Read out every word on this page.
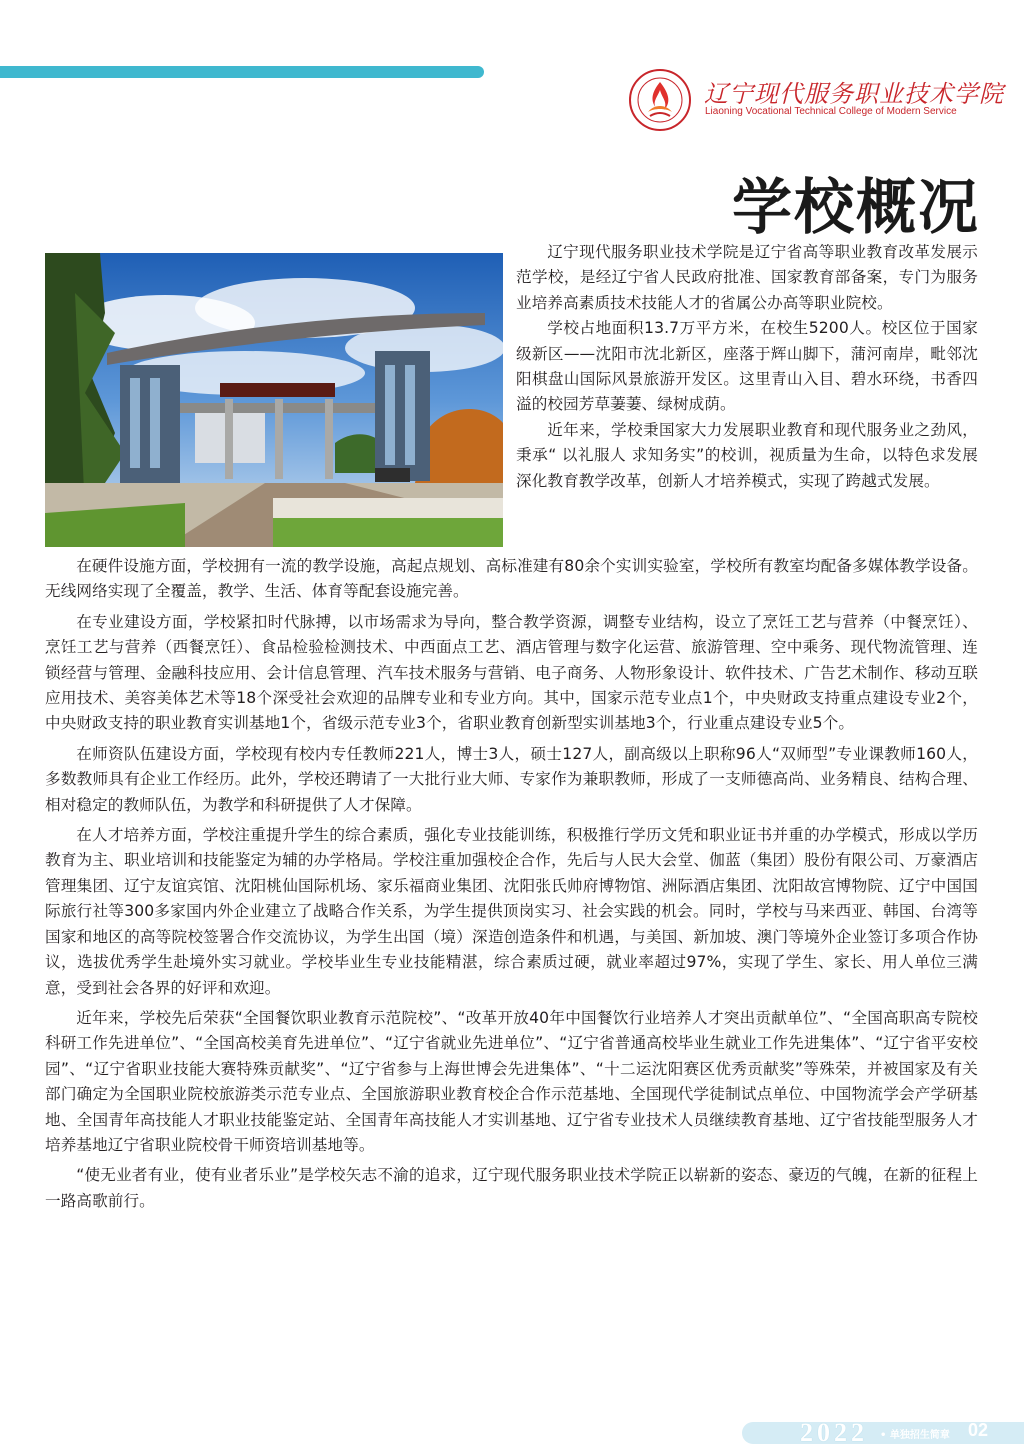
辽宁现代服务职业技术学院
Liaoning Vocational Technical College of Modern Service
学校概况

辽宁现代服务职业技术学院是辽宁省高等职业教育改革发展示范学校，是经辽宁省人民政府批准、国家教育部备案，专门为服务业培养高素质技术技能人才的省属公办高等职业院校。

学校占地面积13.7万平方米，在校生5200人。校区位于国家级新区——沈阳市沈北新区，座落于辉山脚下，蒲河南岸，毗邻沈阳棋盘山国际风景旅游开发区。这里青山入目、碧水环绕，书香四溢的校园芳草萋萋、绿树成荫。

近年来，学校秉国家大力发展职业教育和现代服务业之劲风，秉承“ 以礼服人 求知务实”的校训，视质量为生命，以特色求发展深化教育教学改革，创新人才培养模式，实现了跨越式发展。

在硬件设施方面，学校拥有一流的教学设施，高起点规划、高标准建有80余个实训实验室，学校所有教室均配备多媒体教学设备。无线网络实现了全覆盖，教学、生活、体育等配套设施完善。

在专业建设方面，学校紧扣时代脉搏，以市场需求为导向，整合教学资源，调整专业结构，设立了烹饪工艺与营养（中餐烹饪）、烹饪工艺与营养（西餐烹饪）、食品检验检测技术、中西面点工艺、酒店管理与数字化运营、旅游管理、空中乘务、现代物流管理、连锁经营与管理、金融科技应用、会计信息管理、汽车技术服务与营销、电子商务、人物形象设计、软件技术、广告艺术制作、移动互联应用技术、美容美体艺术等18个深受社会欢迎的品牌专业和专业方向。其中，国家示范专业点1个，中央财政支持重点建设专业2个，中央财政支持的职业教育实训基地1个，省级示范专业3个，省职业教育创新型实训基地3个，行业重点建设专业5个。

在师资队伍建设方面，学校现有校内专任教师221人，博士3人，硕士127人，副高级以上职称96人“双师型”专业课教师160人，多数教师具有企业工作经历。此外，学校还聘请了一大批行业大师、专家作为兼职教师，形成了一支师德高尚、业务精良、结构合理、相对稳定的教师队伍，为教学和科研提供了人才保障。

在人才培养方面，学校注重提升学生的综合素质，强化专业技能训练，积极推行学历文凭和职业证书并重的办学模式，形成以学历教育为主、职业培训和技能鉴定为辅的办学格局。学校注重加强校企合作，先后与人民大会堂、伽蓝（集团）股份有限公司、万豪酒店管理集团、辽宁友谊宾馆、沈阳桃仙国际机场、家乐福商业集团、沈阳张氏帅府博物馆、洲际酒店集团、沈阳故宫博物院、辽宁中国国际旅行社等300多家国内外企业建立了战略合作关系，为学生提供顶岗实习、社会实践的机会。同时，学校与马来西亚、韩国、台湾等国家和地区的高等院校签署合作交流协议，为学生出国（境）深造创造条件和机遇，与美国、新加坡、澳门等境外企业签订多项合作协议，选拔优秀学生赴境外实习就业。学校毕业生专业技能精湛，综合素质过硬，就业率超过97%，实现了学生、家长、用人单位三满意，受到社会各界的好评和欢迎。

近年来，学校先后荣获“全国餐饮职业教育示范院校”、“改革开放40年中国餐饮行业培养人才突出贡献单位”、“全国高职高专院校科研工作先进单位”、“全国高校美育先进单位”、“辽宁省就业先进单位”、“辽宁省普通高校毕业生就业工作先进集体”、“辽宁省平安校园”、“辽宁省职业技能大赛特殊贡献奖”、“辽宁省参与上海世博会先进集体”、“十二运沈阳赛区优秀贡献奖”等殊荣，并被国家及有关部门确定为全国职业院校旅游类示范专业点、全国旅游职业教育校企合作示范基地、全国现代学徒制试点单位、中国物流学会产学研基地、全国青年高技能人才职业技能鉴定站、全国青年高技能人才实训基地、辽宁省专业技术人员继续教育基地、辽宁省技能型服务人才培养基地辽宁省职业院校骨干师资培训基地等。

“使无业者有业，使有业者乐业”是学校矢志不渝的追求，辽宁现代服务职业技术学院正以崭新的姿态、豪迈的气魄，在新的征程上一路高歌前行。

2022 • 单独招生简章 02
